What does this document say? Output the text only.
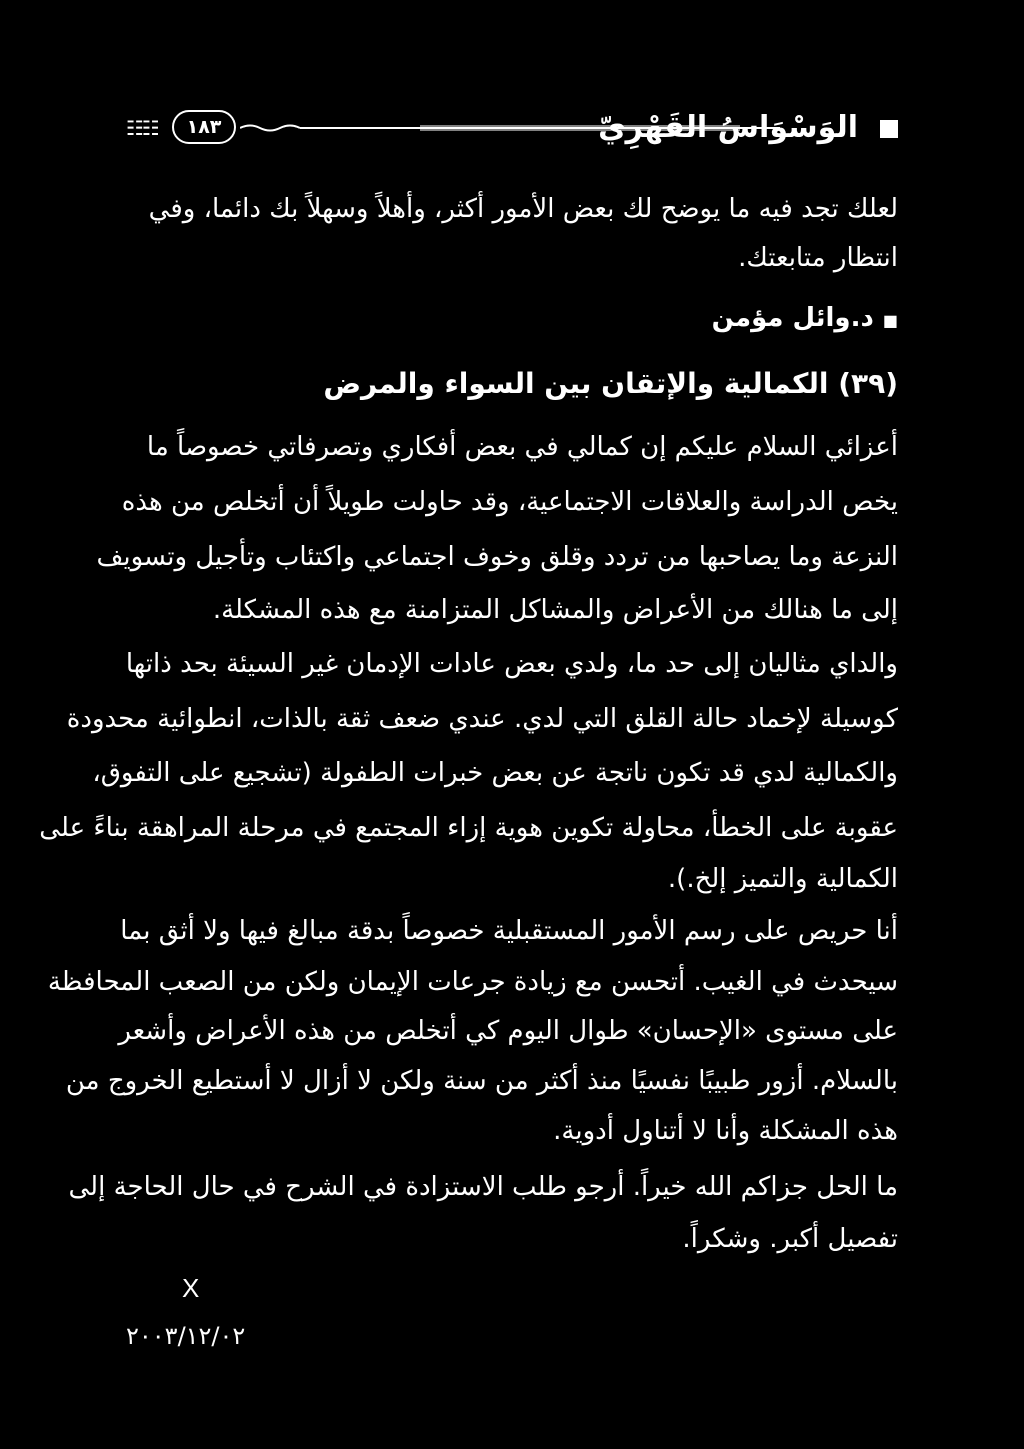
☷☷	١٨٣	الوَسْوَاسُ القَهْرِيّ
لعلك تجد فيه ما يوضح لك بعض الأمور أكثر، وأهلاً وسهلاً بك دائما، وفي
انتظار متابعتك.
■ د.وائل مؤمن
(٣٩) الكمالية والإتقان بين السواء والمرض
أعزائي السلام عليكم إن كمالي في بعض أفكاري وتصرفاتي خصوصاً ما
يخص الدراسة والعلاقات الاجتماعية، وقد حاولت طويلاً أن أتخلص من هذه
النزعة وما يصاحبها من تردد وقلق وخوف اجتماعي واكتئاب وتأجيل وتسويف
إلى ما هنالك من الأعراض والمشاكل المتزامنة مع هذه المشكلة.
والداي مثاليان إلى حد ما، ولدي بعض عادات الإدمان غير السيئة بحد ذاتها
كوسيلة لإخماد حالة القلق التي لدي. عندي ضعف ثقة بالذات، انطوائية محدودة
والكمالية لدي قد تكون ناتجة عن بعض خبرات الطفولة (تشجيع على التفوق،
عقوبة على الخطأ، محاولة تكوين هوية إزاء المجتمع في مرحلة المراهقة بناءً على
الكمالية والتميز إلخ.).
أنا حريص على رسم الأمور المستقبلية خصوصاً بدقة مبالغ فيها ولا أثق بما
سيحدث في الغيب. أتحسن مع زيادة جرعات الإيمان ولكن من الصعب المحافظة
على مستوى «الإحسان» طوال اليوم كي أتخلص من هذه الأعراض وأشعر
بالسلام. أزور طبيبًا نفسيًا منذ أكثر من سنة ولكن لا أزال لا أستطيع الخروج من
هذه المشكلة وأنا لا أتناول أدوية.
ما الحل جزاكم الله خيراً. أرجو طلب الاستزادة في الشرح في حال الحاجة إلى
تفصيل أكبر. وشكراً.
X
٢٠٠٣/١٢/٠٢
